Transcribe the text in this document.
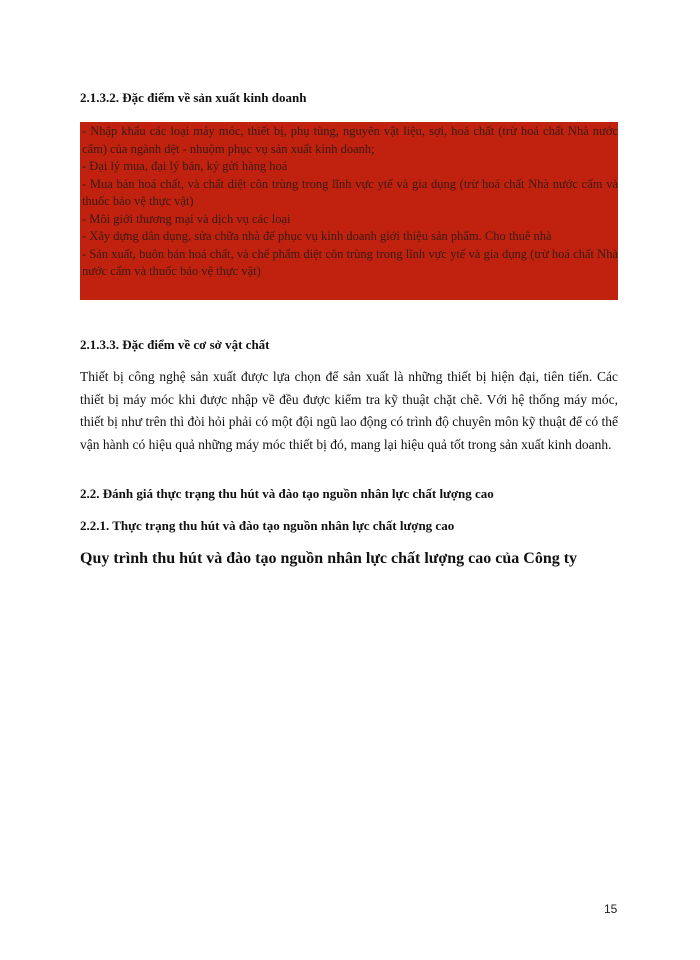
2.1.3.2. Đặc điểm về sản xuất kinh doanh
- Nhập khẩu các loại máy móc, thiết bị, phụ tùng, nguyên vật liệu, sợi, hoá chất (trừ hoá chất Nhà nước cấm) của ngành dệt - nhuộm phục vụ sản xuất kinh doanh;
- Đại lý mua, đại lý bán, ký gửi hàng hoá
- Mua bán hoá chất, và chất diệt côn trùng trong lĩnh vực ytế và gia dụng (trừ hoá chất Nhà nước cấm và thuốc bảo vệ thực vật)
- Môi giới thương mại và dịch vụ các loại
- Xây dựng dân dụng, sửa chữa nhà để phục vụ kinh doanh giới thiệu sản phẩm. Cho thuê nhà
- Sản xuất, buôn bán hoá chất, và chế phẩm diệt côn trùng trong lĩnh vực ytế và gia dụng (trừ hoá chất Nhà nước cấm và thuốc bảo vệ thực vật)
2.1.3.3. Đặc điểm về cơ sở vật chất
Thiết bị công nghệ sản xuất được lựa chọn để sản xuất là những thiết bị hiện đại, tiên tiến. Các thiết bị máy móc khi được nhập về đều được kiểm tra kỹ thuật chặt chẽ. Với hệ thống máy móc, thiết bị như trên thì đòi hỏi phải có một đội ngũ lao động có trình độ chuyên môn kỹ thuật để có thể vận hành có hiệu quả những máy móc thiết bị đó, mang lại hiệu quả tốt trong sản xuất kinh doanh.
2.2. Đánh giá thực trạng thu hút và đào tạo nguồn nhân lực chất lượng cao
2.2.1. Thực trạng thu hút và đào tạo nguồn nhân lực chất lượng cao
Quy trình thu hút và đào tạo nguồn nhân lực chất lượng cao của Công ty
15
